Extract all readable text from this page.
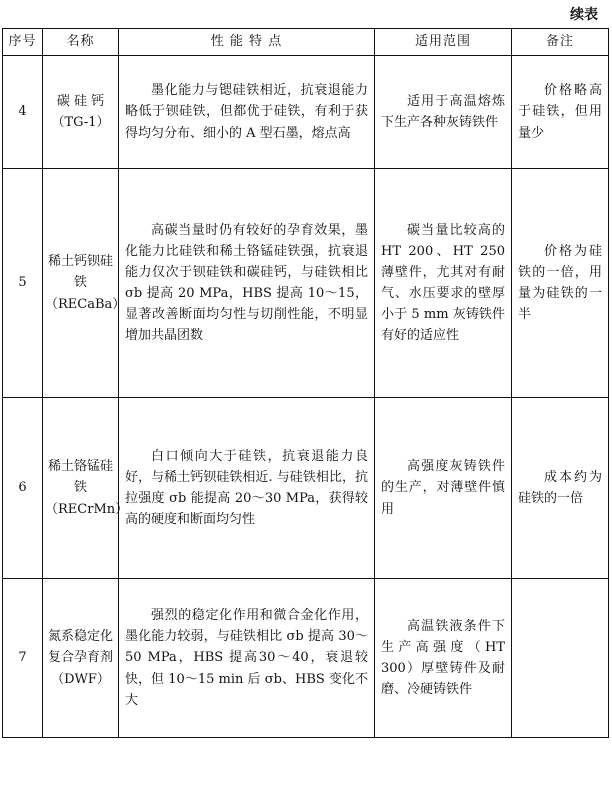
续表
序号	名称	性 能 特 点	适用范围	备注
4	碳 硅 钙（TG-1）	墨化能力与锶硅铁相近，抗衰退能力略低于钡硅铁，但都优于硅铁，有利于获得均匀分布、细小的 A 型石墨，熔点高	适用于高温熔炼下生产各种灰铸铁件	价格略高于硅铁，但用量少
5	稀土钙钡硅铁（RECaBa）	高碳当量时仍有较好的孕育效果，墨化能力比硅铁和稀土铬锰硅铁强，抗衰退能力仅次于钡硅铁和碳硅钙，与硅铁相比 σb 提高 20 MPa，HBS 提高 10～15，显著改善断面均匀性与切削性能，不明显增加共晶团数	碳当量比较高的 HT 200、HT 250 薄壁件，尤其对有耐气、水压要求的壁厚小于 5 mm 灰铸铁件有好的适应性	价格为硅铁的一倍，用量为硅铁的一半
6	稀土铬锰硅铁（RECrMn）	白口倾向大于硅铁，抗衰退能力良好，与稀土钙钡硅铁相近. 与硅铁相比，抗拉强度 σb 能提高 20～30 MPa，获得较高的硬度和断面均匀性	高强度灰铸铁件的生产，对薄壁件慎用	成本约为硅铁的一倍
7	氮系稳定化复合孕育剂（DWF）	强烈的稳定化作用和微合金化作用，墨化能力较弱，与硅铁相比 σb 提高 30～50 MPa，HBS 提高30～40，衰退较快，但 10～15 min 后 σb、HBS 变化不大	高温铁液条件下生产高强度（HT 300）厚壁铸件及耐磨、冷硬铸铁件	
